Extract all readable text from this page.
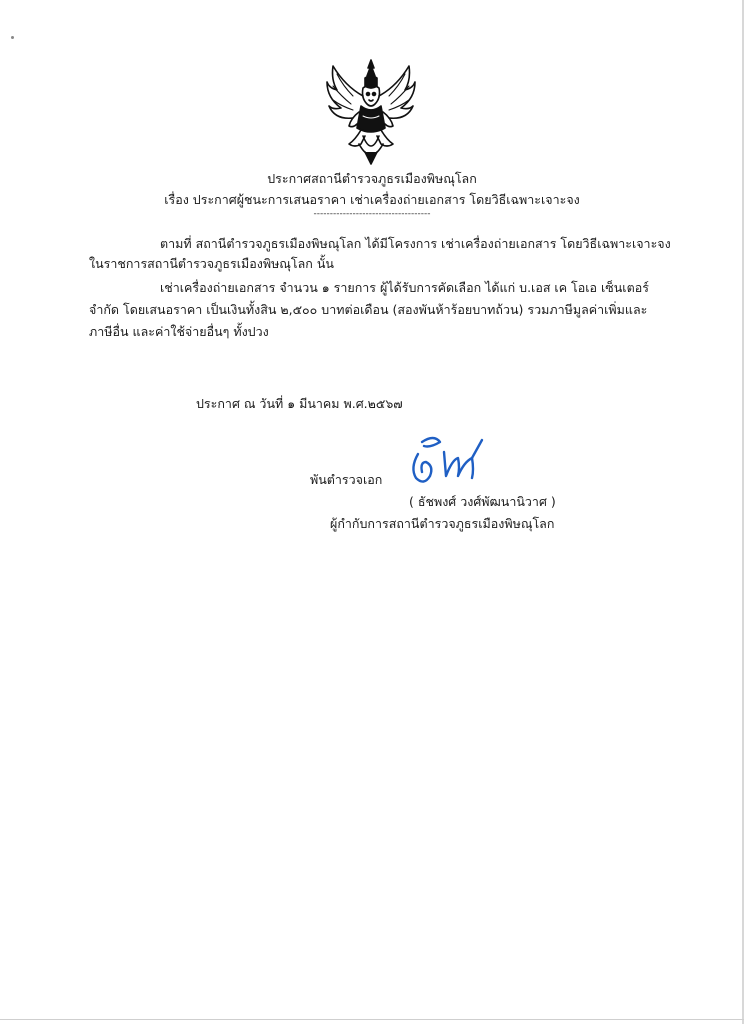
ประกาศสถานีตำรวจภูธรเมืองพิษณุโลก
เรื่อง ประกาศผู้ชนะการเสนอราคา เช่าเครื่องถ่ายเอกสาร โดยวิธีเฉพาะเจาะจง
------------------------------------
ตามที่ สถานีตำรวจภูธรเมืองพิษณุโลก ได้มีโครงการ เช่าเครื่องถ่ายเอกสาร โดยวิธีเฉพาะเจาะจง
ในราชการสถานีตำรวจภูธรเมืองพิษณุโลก นั้น
เช่าเครื่องถ่ายเอกสาร จำนวน ๑ รายการ ผู้ได้รับการคัดเลือก ได้แก่ บ.เอส เค โอเอ เซ็นเตอร์
จำกัด โดยเสนอราคา เป็นเงินทั้งสิน ๒,๕๐๐ บาทต่อเดือน (สองพันห้าร้อยบาทถ้วน) รวมภาษีมูลค่าเพิ่มและ
ภาษีอื่น และค่าใช้จ่ายอื่นๆ ทั้งปวง
ประกาศ ณ วันที่ ๑ มีนาคม พ.ศ.๒๕๖๗
พันตำรวจเอก
( ธัชพงศ์ วงศ์พัฒนานิวาศ )
ผู้กำกับการสถานีตำรวจภูธรเมืองพิษณุโลก
